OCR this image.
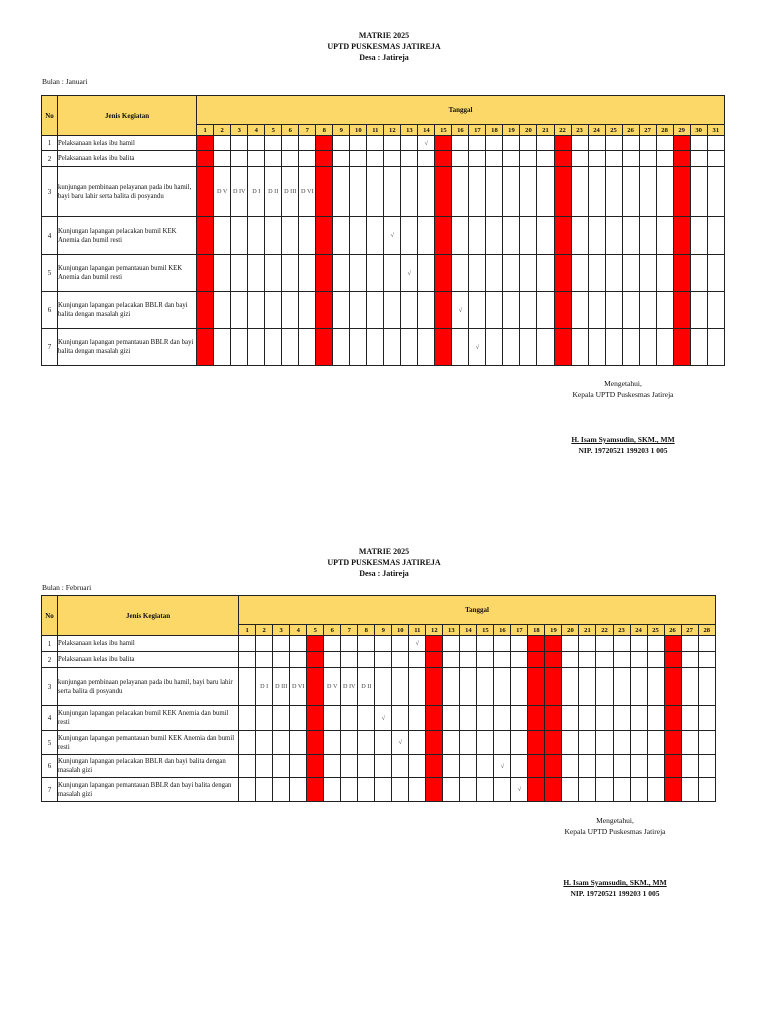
MATRIE 2025
UPTD PUSKESMAS JATIREJA
Desa : Jatireja
Bulan : Januari
No	Jenis Kegiatan	Tanggal																														
		1	2	3	4	5	6	7	8	9	10	11	12	13	14	15	16	17	18	19	20	21	22	23	24	25	26	27	28	29	30	31
1	Pelaksanaan kelas ibu hamil														√																	
2	Pelaksanaan kelas ibu balita																															
3	kunjungan pembinaan pelayanan pada ibu hamil, bayi baru lahir serta balita di posyandu		D V	D IV	D I	D II	D III	D VI																								
4	Kunjungan lapangan pelacakan bumil KEK Anemia dan bumil resti												√																			
5	Kunjungan lapangan pemantauan bumil KEK Anemia dan bumil resti													√																		
6	Kunjungan lapangan pelacakan BBLR dan bayi balita dengan masalah gizi																√															
7	Kunjungan lapangan pemantauan BBLR dan bayi balita dengan masalah gizi																	√														
Mengetahui,
Kepala UPTD Puskesmas Jatireja
H. Isam Syamsudin, SKM., MM
NIP. 19720521 199203 1 005
MATRIE 2025
UPTD PUSKESMAS JATIREJA
Desa : Jatireja
Bulan : Februari
No	Jenis Kegiatan	Tanggal																											
		1	2	3	4	5	6	7	8	9	10	11	12	13	14	15	16	17	18	19	20	21	22	23	24	25	26	27	28
1	Pelaksanaan kelas ibu hamil											√																	
2	Pelaksanaan kelas ibu balita																												
3	kunjungan pembinaan pelayanan pada ibu hamil, bayi baru lahir serta balita di posyandu		D I	D III	D VI		D V	D IV	D II																				
4	Kunjungan lapangan pelacakan bumil KEK Anemia dan bumil resti									√																			
5	Kunjungan lapangan pemantauan bumil KEK Anemia dan bumil resti										√																		
6	Kunjungan lapangan pelacakan BBLR dan bayi balita dengan masalah gizi																√												
7	Kunjungan lapangan pemantauan BBLR dan bayi balita dengan masalah gizi																	√											
Mengetahui,
Kepala UPTD Puskesmas Jatireja
H. Isam Syamsudin, SKM., MM
NIP. 19720521 199203 1 005
